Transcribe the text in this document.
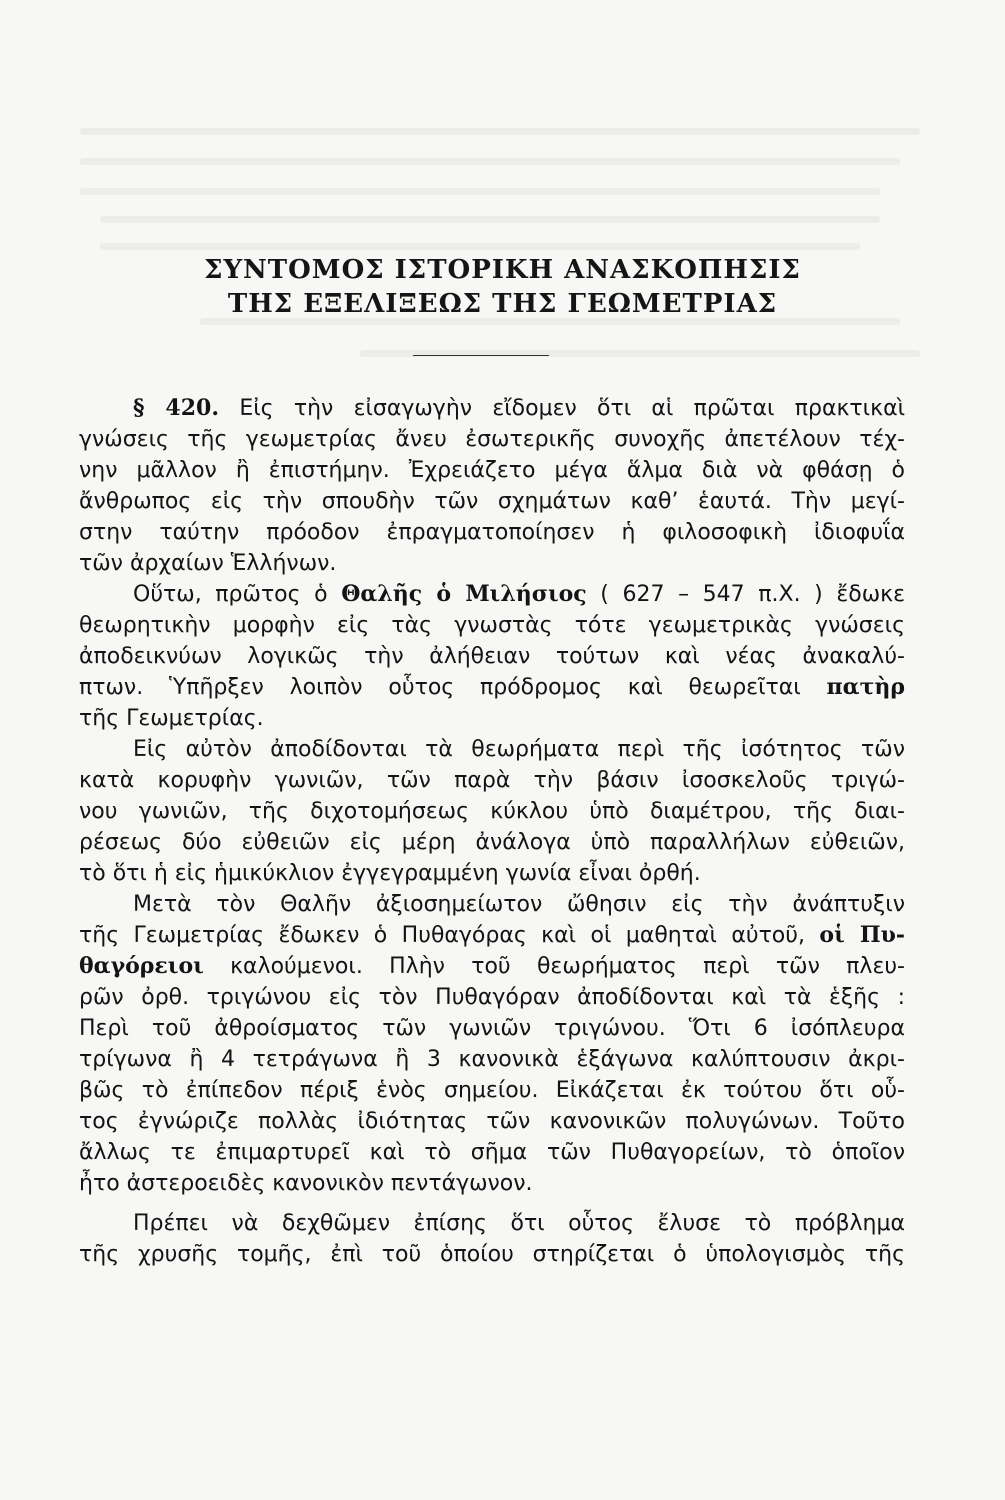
ΣΥΝΤΟΜΟΣ ΙΣΤΟΡΙΚΗ ΑΝΑΣΚΟΠΗΣΙΣ
ΤΗΣ ΕΞΕΛΙΞΕΩΣ ΤΗΣ ΓΕΩΜΕΤΡΙΑΣ
§ 420. Εἰς τὴν εἰσαγωγὴν εἴδομεν ὅτι αἱ πρῶται πρακτικαὶ
γνώσεις τῆς γεωμετρίας ἄνευ ἐσωτερικῆς συνοχῆς ἀπετέλουν τέχ-
νην μᾶλλον ἢ ἐπιστήμην. Ἐχρειάζετο μέγα ἅλμα διὰ νὰ φθάσῃ ὁ
ἄνθρωπος εἰς τὴν σπουδὴν τῶν σχημάτων καθ’ ἑαυτά. Τὴν μεγί-
στην ταύτην πρόοδον ἐπραγματοποίησεν ἡ φιλοσοφικὴ ἰδιοφυΐα
τῶν ἀρχαίων Ἑλλήνων.
Οὕτω, πρῶτος ὁ Θαλῆς ὁ Μιλήσιος ( 627 – 547 π.Χ. ) ἔδωκε
θεωρητικὴν μορφὴν εἰς τὰς γνωστὰς τότε γεωμετρικὰς γνώσεις
ἀποδεικνύων λογικῶς τὴν ἀλήθειαν τούτων καὶ νέας ἀνακαλύ-
πτων. Ὑπῆρξεν λοιπὸν οὗτος πρόδρομος καὶ θεωρεῖται πατὴρ
τῆς Γεωμετρίας.
Εἰς αὐτὸν ἀποδίδονται τὰ θεωρήματα περὶ τῆς ἰσότητος τῶν
κατὰ κορυφὴν γωνιῶν, τῶν παρὰ τὴν βάσιν ἰσοσκελοῦς τριγώ-
νου γωνιῶν, τῆς διχοτομήσεως κύκλου ὑπὸ διαμέτρου, τῆς διαι-
ρέσεως δύο εὐθειῶν εἰς μέρη ἀνάλογα ὑπὸ παραλλήλων εὐθειῶν,
τὸ ὅτι ἡ εἰς ἡμικύκλιον ἐγγεγραμμένη γωνία εἶναι ὀρθή.
Μετὰ τὸν Θαλῆν ἀξιοσημείωτον ὤθησιν εἰς τὴν ἀνάπτυξιν
τῆς Γεωμετρίας ἔδωκεν ὁ Πυθαγόρας καὶ οἱ μαθηταὶ αὐτοῦ, οἱ Πυ-
θαγόρειοι καλούμενοι. Πλὴν τοῦ θεωρήματος περὶ τῶν πλευ-
ρῶν ὀρθ. τριγώνου εἰς τὸν Πυθαγόραν ἀποδίδονται καὶ τὰ ἑξῆς :
Περὶ τοῦ ἀθροίσματος τῶν γωνιῶν τριγώνου. Ὅτι 6 ἰσόπλευρα
τρίγωνα ἢ 4 τετράγωνα ἢ 3 κανονικὰ ἑξάγωνα καλύπτουσιν ἀκρι-
βῶς τὸ ἐπίπεδον πέριξ ἑνὸς σημείου. Εἰκάζεται ἐκ τούτου ὅτι οὗ-
τος ἐγνώριζε πολλὰς ἰδιότητας τῶν κανονικῶν πολυγώνων. Τοῦτο
ἄλλως τε ἐπιμαρτυρεῖ καὶ τὸ σῆμα τῶν Πυθαγορείων, τὸ ὁποῖον
ἦτο ἀστεροειδὲς κανονικὸν πεντάγωνον.
Πρέπει νὰ δεχθῶμεν ἐπίσης ὅτι οὗτος ἔλυσε τὸ πρόβλημα
τῆς χρυσῆς τομῆς, ἐπὶ τοῦ ὁποίου στηρίζεται ὁ ὑπολογισμὸς τῆς
